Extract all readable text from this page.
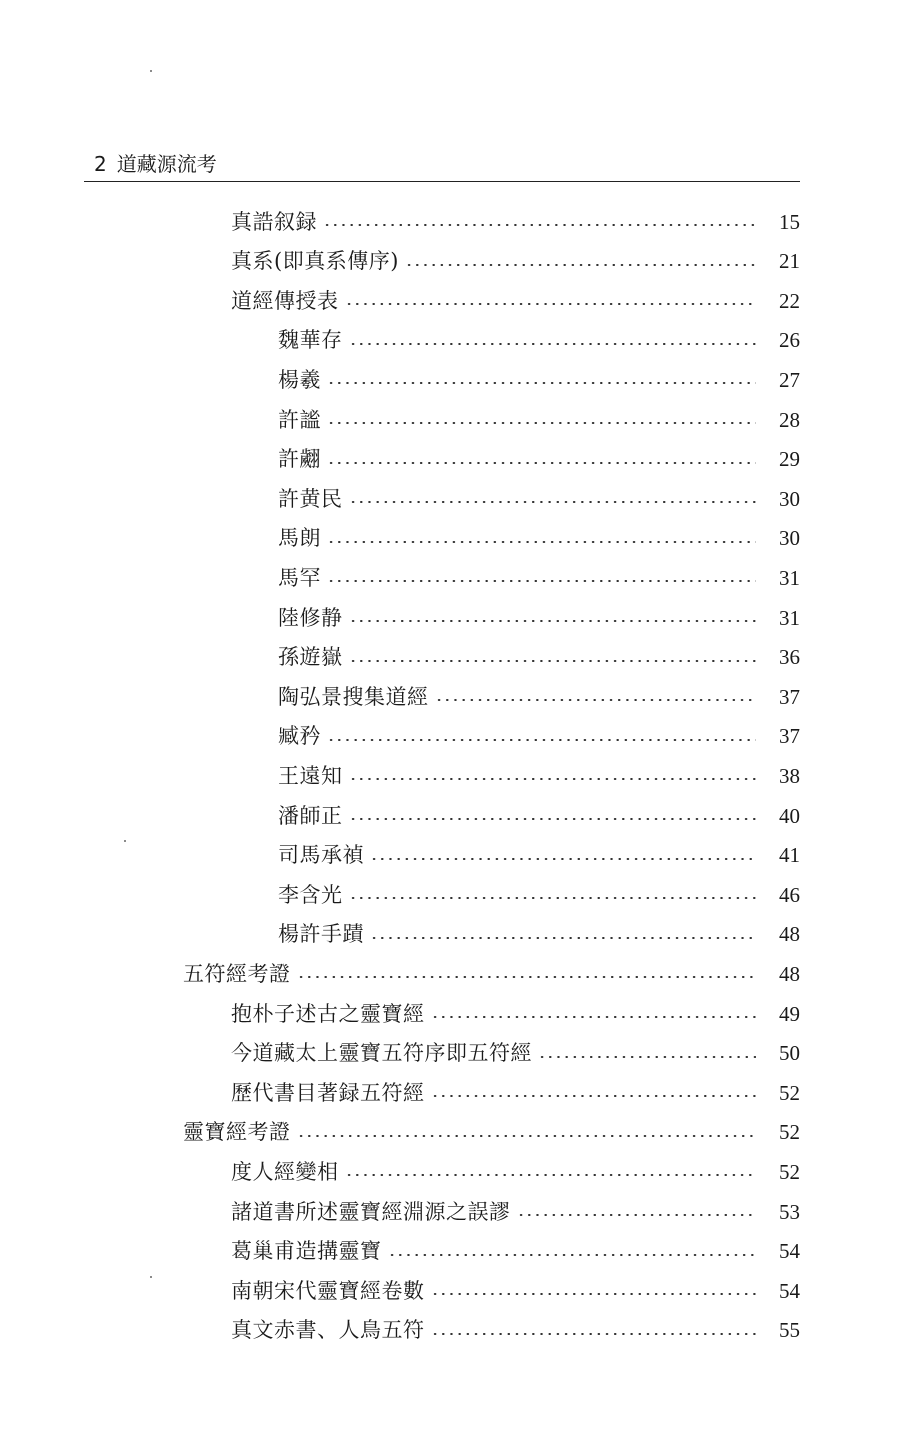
2 道藏源流考
真誥叙録	15
真系(即真系傳序)	21
道經傳授表	22
魏華存	26
楊羲	27
許謐	28
許翽	29
許黄民	30
馬朗	30
馬罕	31
陸修静	31
孫遊嶽	36
陶弘景搜集道經	37
臧矜	37
王遠知	38
潘師正	40
司馬承禎	41
李含光	46
楊許手蹟	48
五符經考證	48
抱朴子述古之靈寶經	49
今道藏太上靈寶五符序即五符經	50
歷代書目著録五符經	52
靈寶經考證	52
度人經變相	52
諸道書所述靈寶經淵源之誤謬	53
葛巢甫造搆靈寶	54
南朝宋代靈寶經卷數	54
真文赤書、人鳥五符	55
